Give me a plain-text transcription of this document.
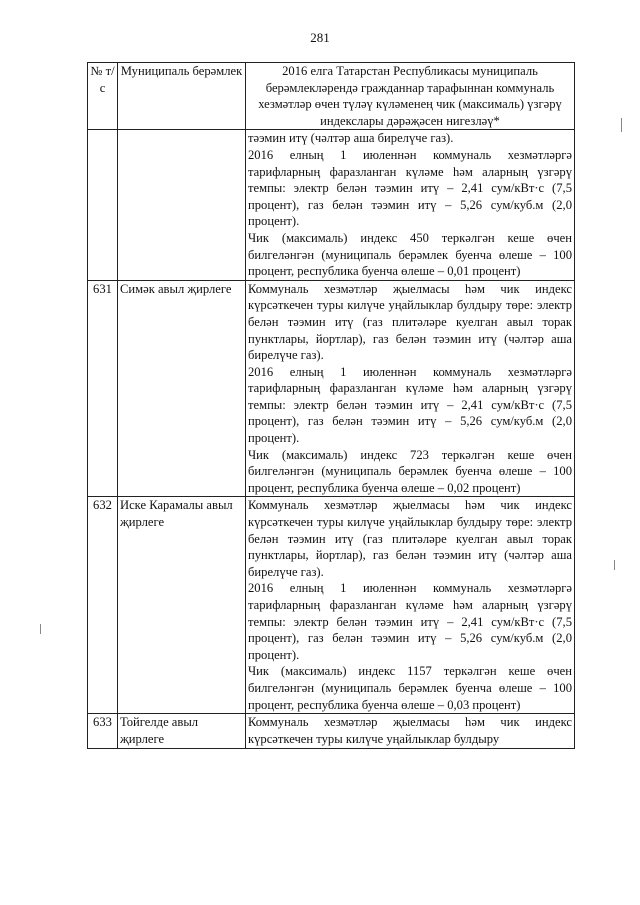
281
№ т/с	Муниципаль берәмлек	2016 елга Татарстан Республикасы муниципаль берәмлекләрендә гражданнар тарафыннан коммуналь хезмәтләр өчен түләү күләменең чик (максималь) үзгәрү индекслары дәрәҗәсен нигезләү*

		тәэмин итү (чәлтәр аша бирелүче газ).

2016 елның 1 июленнән коммуналь хезмәтләргә тарифларның фаразланган күләме һәм аларның үзгәрү темпы: электр белән тәэмин итү – 2,41 сум/кВт·с (7,5 процент), газ белән тәэмин итү – 5,26 сум/куб.м (2,0 процент).

Чик (максималь) индекс 450 теркәлгән кеше өчен билгеләнгән (муниципаль берәмлек буенча өлеше – 100 процент, республика буенча өлеше – 0,01 процент)

631	Симәк авыл җирлеге	Коммуналь хезмәтләр җыелмасы һәм чик индекс күрсәткечен туры килүче уңайлыклар булдыру төре: электр белән тәэмин итү (газ плитәләре куелган авыл торак пунктлары, йортлар), газ белән тәэмин итү (чәлтәр аша бирелүче газ).

2016 елның 1 июленнән коммуналь хезмәтләргә тарифларның фаразланган күләме һәм аларның үзгәрү темпы: электр белән тәэмин итү – 2,41 сум/кВт·с (7,5 процент), газ белән тәэмин итү – 5,26 сум/куб.м (2,0 процент).

Чик (максималь) индекс 723 теркәлгән кеше өчен билгеләнгән (муниципаль берәмлек буенча өлеше – 100 процент, республика буенча өлеше – 0,02 процент)

632	Иске Карамалы авыл җирлеге	Коммуналь хезмәтләр җыелмасы һәм чик индекс күрсәткечен туры килүче уңайлыклар булдыру төре: электр белән тәэмин итү (газ плитәләре куелган авыл торак пунктлары, йортлар), газ белән тәэмин итү (чәлтәр аша бирелүче газ).

2016 елның 1 июленнән коммуналь хезмәтләргә тарифларның фаразланган күләме һәм аларның үзгәрү темпы: электр белән тәэмин итү – 2,41 сум/кВт·с (7,5 процент), газ белән тәэмин итү – 5,26 сум/куб.м (2,0 процент).

Чик (максималь) индекс 1157 теркәлгән кеше өчен билгеләнгән (муниципаль берәмлек буенча өлеше – 100 процент, республика буенча өлеше – 0,03 процент)

633	Тойгелде авыл җирлеге	Коммуналь хезмәтләр җыелмасы һәм чик индекс күрсәткечен туры килүче уңайлыклар булдыру
